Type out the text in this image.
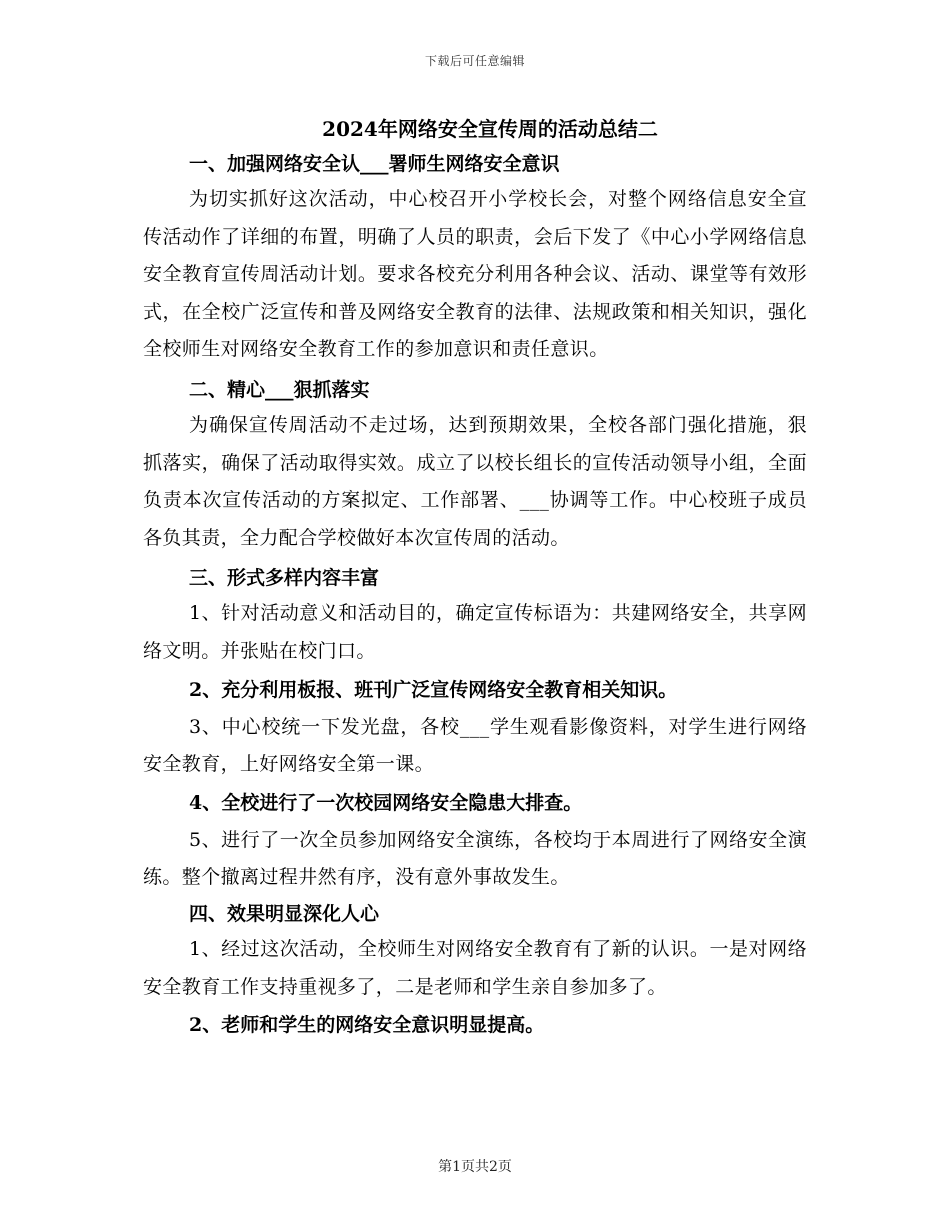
下载后可任意编辑
2024年网络安全宣传周的活动总结二

一、加强网络安全认___署师生网络安全意识

为切实抓好这次活动，中心校召开小学校长会，对整个网络信息安全宣传活动作了详细的布置，明确了人员的职责，会后下发了《中心小学网络信息安全教育宣传周活动计划。要求各校充分利用各种会议、活动、课堂等有效形式，在全校广泛宣传和普及网络安全教育的法律、法规政策和相关知识，强化全校师生对网络安全教育工作的参加意识和责任意识。

二、精心___狠抓落实

为确保宣传周活动不走过场，达到预期效果，全校各部门强化措施，狠抓落实，确保了活动取得实效。成立了以校长组长的宣传活动领导小组，全面负责本次宣传活动的方案拟定、工作部署、___协调等工作。中心校班子成员各负其责，全力配合学校做好本次宣传周的活动。

三、形式多样内容丰富

1、针对活动意义和活动目的，确定宣传标语为：共建网络安全，共享网络文明。并张贴在校门口。

2、充分利用板报、班刊广泛宣传网络安全教育相关知识。

3、中心校统一下发光盘，各校___学生观看影像资料，对学生进行网络安全教育，上好网络安全第一课。

4、全校进行了一次校园网络安全隐患大排查。

5、进行了一次全员参加网络安全演练，各校均于本周进行了网络安全演练。整个撤离过程井然有序，没有意外事故发生。

四、效果明显深化人心

1、经过这次活动，全校师生对网络安全教育有了新的认识。一是对网络安全教育工作支持重视多了，二是老师和学生亲自参加多了。

2、老师和学生的网络安全意识明显提高。

第1页共2页
